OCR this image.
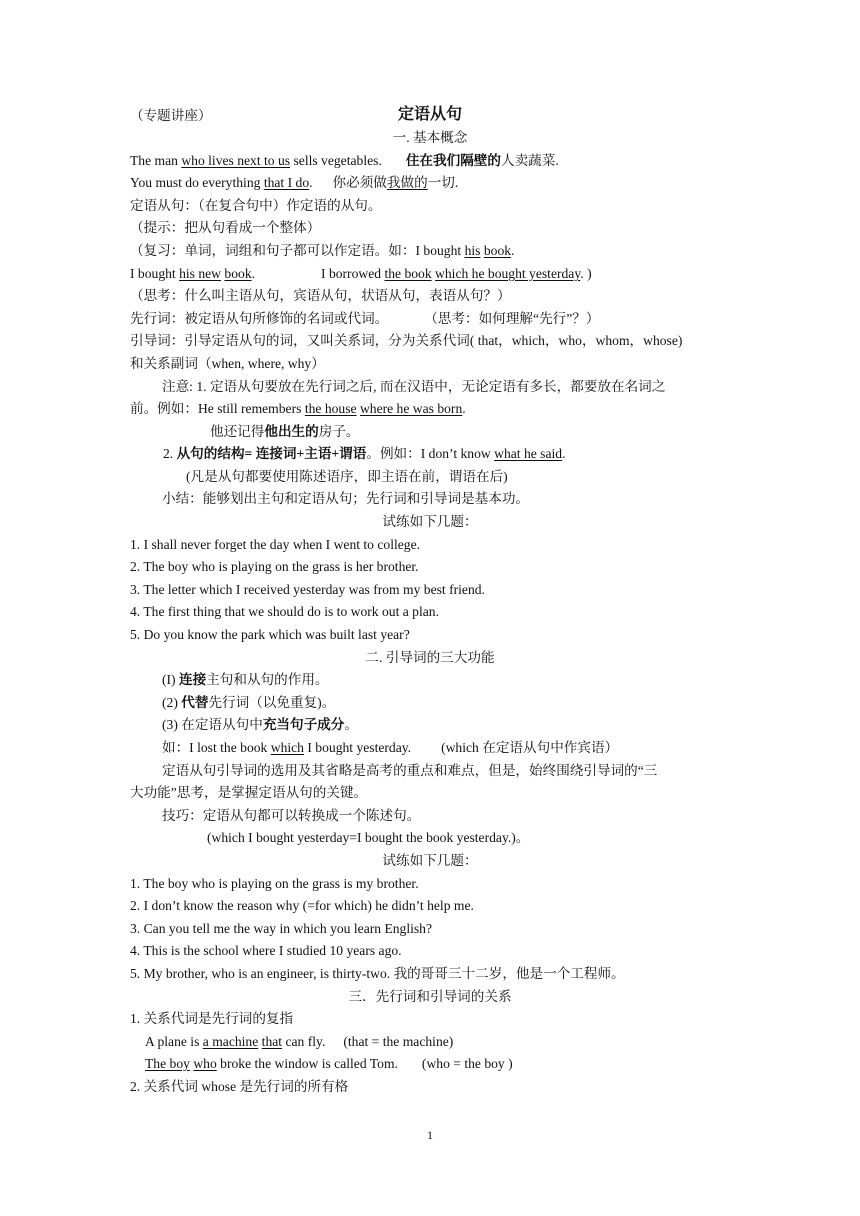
（专题讲座）	定语从句
一. 基本概念
The man who lives next to us sells vegetables. 住在我们隔壁的人卖蔬菜.
You must do everything that I do. 你必须做我做的一切.
定语从句：（在复合句中）作定语的从句。
（提示：把从句看成一个整体）
（复习：单词，词组和句子都可以作定语。如：I bought his book.
I bought his new book.	I borrowed the book which he bought yesterday. )
（思考：什么叫主语从句，宾语从句，状语从句，表语从句？）
先行词：被定语从句所修饰的名词或代词。	（思考：如何理解“先行”？）
引导词：引导定语从句的词，又叫关系词，分为关系代词( that，which，who，whom，whose)
和关系副词（when, where, why）
注意: 1. 定语从句要放在先行词之后, 而在汉语中，无论定语有多长，都要放在名词之
前。例如：He still remembers the house where he was born.
他还记得他出生的房子。
2. 从句的结构= 连接词+主语+谓语。例如：I don’t know what he said.
(凡是从句都要使用陈述语序，即主语在前，谓语在后)
小结：能够划出主句和定语从句；先行词和引导词是基本功。
试练如下几题：
1. I shall never forget the day when I went to college.
2. The boy who is playing on the grass is her brother.
3. The letter which I received yesterday was from my best friend.
4. The first thing that we should do is to work out a plan.
5. Do you know the park which was built last year?
二. 引导词的三大功能
(I) 连接主句和从句的作用。
(2) 代替先行词（以免重复)。
(3) 在定语从句中充当句子成分。
如：I lost the book which I bought yesterday. (which 在定语从句中作宾语）
定语从句引导词的选用及其省略是高考的重点和难点，但是，始终围绕引导词的“三
大功能”思考，是掌握定语从句的关键。
技巧：定语从句都可以转换成一个陈述句。
(which I bought yesterday=I bought the book yesterday.)。
试练如下几题：
1. The boy who is playing on the grass is my brother.
2. I don’t know the reason why (=for which) he didn’t help me.
3. Can you tell me the way in which you learn English?
4. This is the school where I studied 10 years ago.
5. My brother, who is an engineer, is thirty-two. 我的哥哥三十二岁，他是一个工程师。
三．先行词和引导词的关系
1. 关系代词是先行词的复指
A plane is a machine that can fly. (that = the machine)
The boy who broke the window is called Tom. (who = the boy )
2. 关系代词 whose 是先行词的所有格
1
